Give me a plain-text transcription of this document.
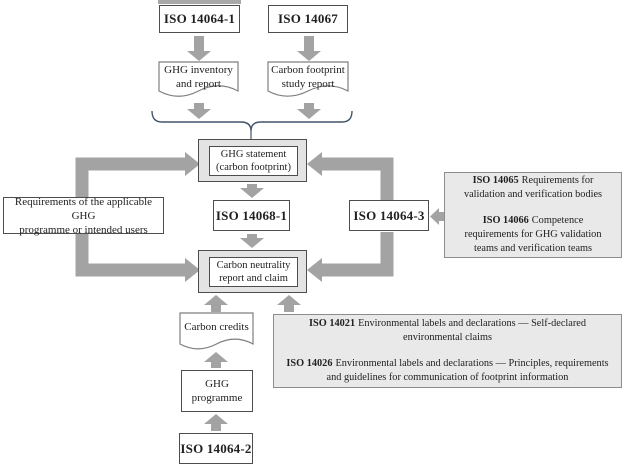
ISO 14064-1	ISO 14067
GHG inventory
and report
Carbon footprint
study report
GHG statement
(carbon footprint)
ISO 14068-1	ISO 14064-3
Requirements of the applicable GHG
programme or intended users
Carbon neutrality
report and claim

ISO 14065 Requirements for validation and verification bodies

ISO 14066 Competence requirements for GHG validation teams and verification teams

Carbon credits	ISO 14021 Environmental labels and declarations — Self-declared environmental claims

ISO 14026 Environmental labels and declarations — Principles, requirements and guidelines for communication of footprint information

GHG
programme
ISO 14064-2
